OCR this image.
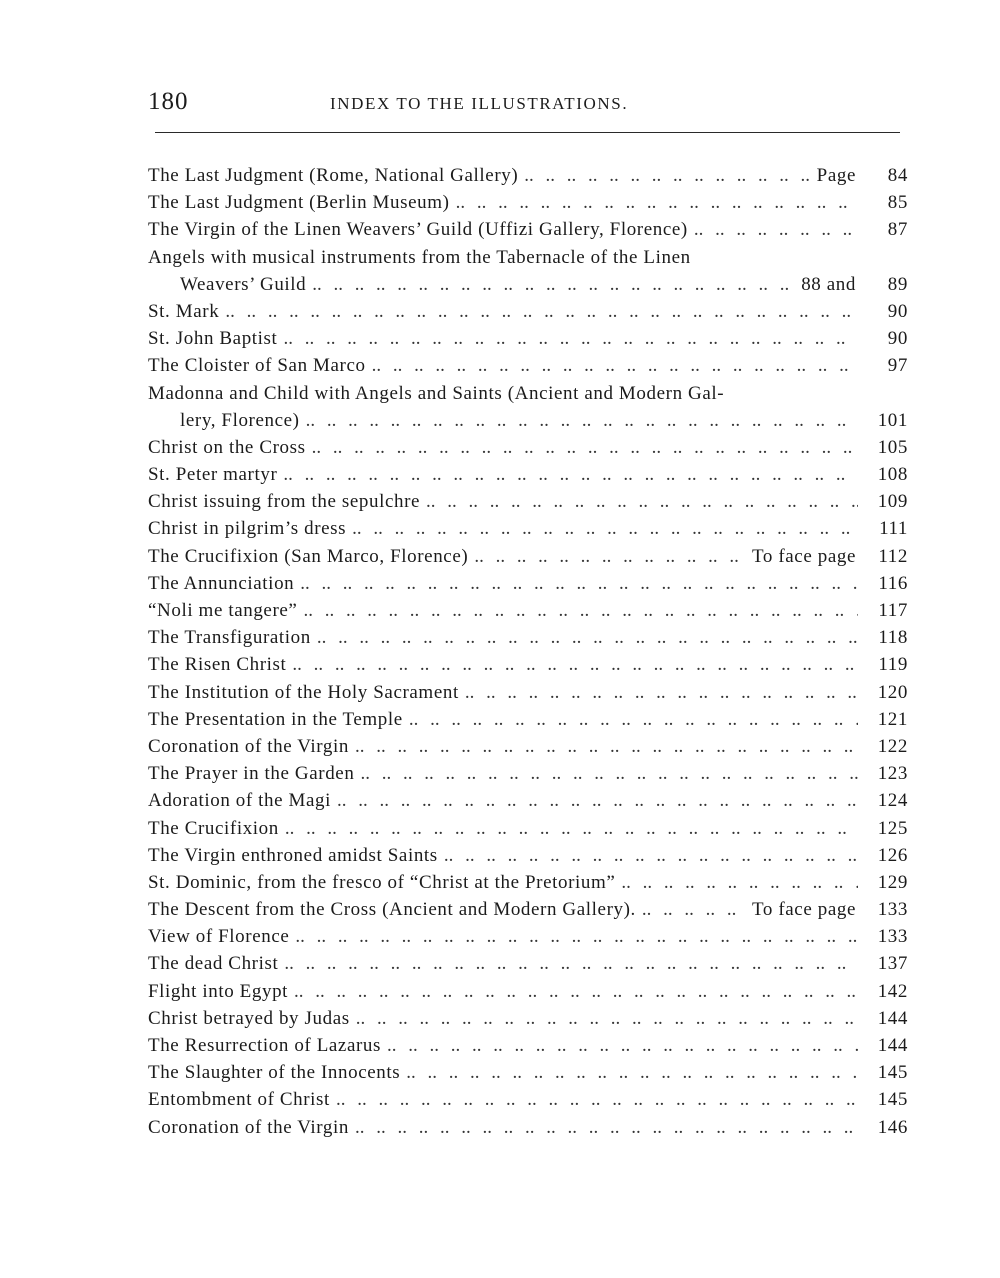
180	INDEX TO THE ILLUSTRATIONS.
The Last Judgment (Rome, National Gallery) .. ..	Page	84
The Last Judgment (Berlin Museum) .. ..	85
The Virgin of the Linen Weavers’ Guild (Uffizi Gallery, Florence) .. ..	87
Angels with musical instruments from the Tabernacle of the Linen
Weavers’ Guild .. ..	88 and	89
St. Mark .. ..	90
St. John Baptist .. ..	90
The Cloister of San Marco .. ..	97
Madonna and Child with Angels and Saints (Ancient and Modern Gal-
lery, Florence) .. ..	101
Christ on the Cross .. ..	105
St. Peter martyr .. ..	108
Christ issuing from the sepulchre .. ..	109
Christ in pilgrim’s dress .. ..	111
The Crucifixion (San Marco, Florence) .. ..	To face page	112
The Annunciation .. ..	116
“Noli me tangere” .. ..	117
The Transfiguration .. ..	118
The Risen Christ .. ..	119
The Institution of the Holy Sacrament .. ..	120
The Presentation in the Temple .. ..	121
Coronation of the Virgin .. ..	122
The Prayer in the Garden .. ..	123
Adoration of the Magi .. ..	124
The Crucifixion .. ..	125
The Virgin enthroned amidst Saints .. ..	126
St. Dominic, from the fresco of “Christ at the Pretorium” .. ..	129
The Descent from the Cross (Ancient and Modern Gallery). .. ..	To face page	133
View of Florence .. ..	133
The dead Christ .. ..	137
Flight into Egypt .. ..	142
Christ betrayed by Judas .. ..	144
The Resurrection of Lazarus .. ..	144
The Slaughter of the Innocents .. ..	145
Entombment of Christ .. ..	145
Coronation of the Virgin .. ..	146
